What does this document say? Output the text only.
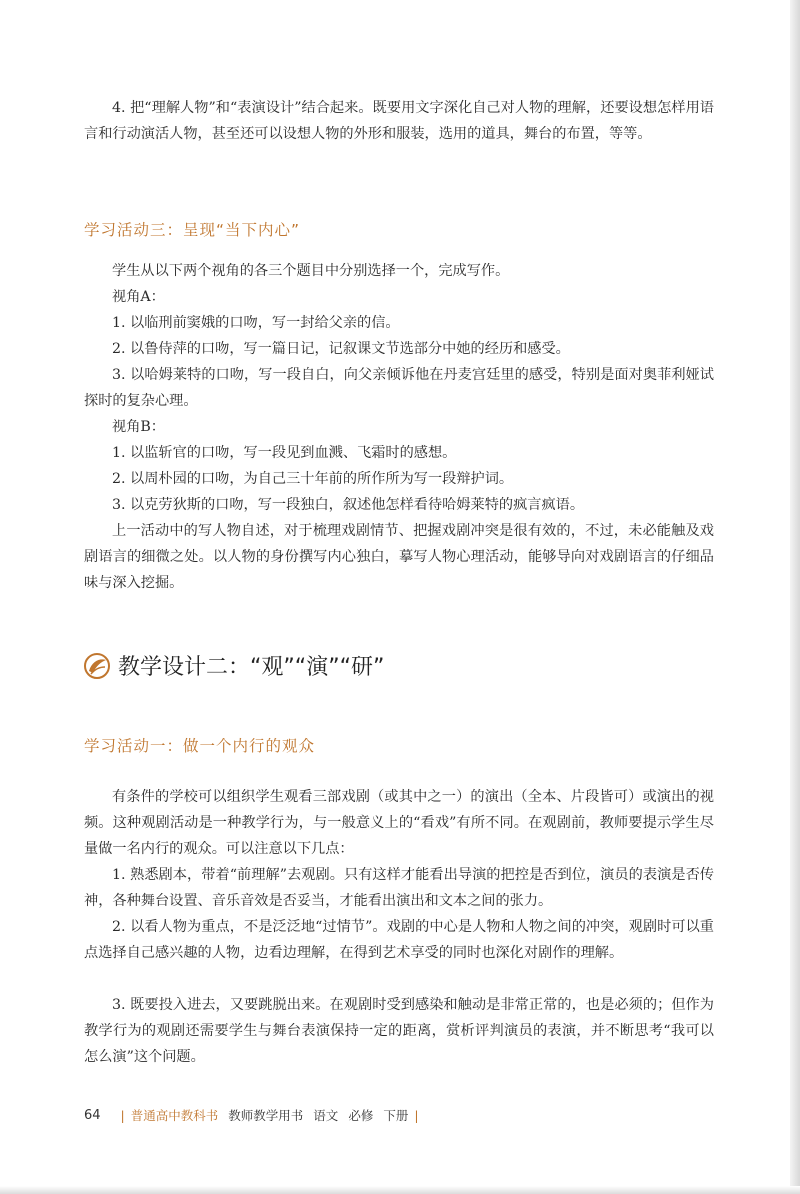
4. 把“理解人物”和“表演设计”结合起来。既要用文字深化自己对人物的理解，还要设想怎样用语言和行动演活人物，甚至还可以设想人物的外形和服装，选用的道具，舞台的布置，等等。

学习活动三：呈现“当下内心”

学生从以下两个视角的各三个题目中分别选择一个，完成写作。

视角A：

1. 以临刑前窦娥的口吻，写一封给父亲的信。

2. 以鲁侍萍的口吻，写一篇日记，记叙课文节选部分中她的经历和感受。

3. 以哈姆莱特的口吻，写一段自白，向父亲倾诉他在丹麦宫廷里的感受，特别是面对奥菲利娅试探时的复杂心理。

视角B：

1. 以监斩官的口吻，写一段见到血溅、飞霜时的感想。

2. 以周朴园的口吻，为自己三十年前的所作所为写一段辩护词。

3. 以克劳狄斯的口吻，写一段独白，叙述他怎样看待哈姆莱特的疯言疯语。

上一活动中的写人物自述，对于梳理戏剧情节、把握戏剧冲突是很有效的，不过，未必能触及戏剧语言的细微之处。以人物的身份撰写内心独白，摹写人物心理活动，能够导向对戏剧语言的仔细品味与深入挖掘。

教学设计二：“观”“演”“研”
学习活动一：做一个内行的观众

有条件的学校可以组织学生观看三部戏剧（或其中之一）的演出（全本、片段皆可）或演出的视频。这种观剧活动是一种教学行为，与一般意义上的“看戏”有所不同。在观剧前，教师要提示学生尽量做一名内行的观众。可以注意以下几点：

1. 熟悉剧本，带着“前理解”去观剧。只有这样才能看出导演的把控是否到位，演员的表演是否传神，各种舞台设置、音乐音效是否妥当，才能看出演出和文本之间的张力。

2. 以看人物为重点，不是泛泛地“过情节”。戏剧的中心是人物和人物之间的冲突，观剧时可以重点选择自己感兴趣的人物，边看边理解，在得到艺术享受的同时也深化对剧作的理解。

3. 既要投入进去，又要跳脱出来。在观剧时受到感染和触动是非常正常的，也是必须的；但作为教学行为的观剧还需要学生与舞台表演保持一定的距离，赏析评判演员的表演，并不断思考“我可以怎么演”这个问题。

64 | 普通高中教科书 教师教学用书 语文 必修 下册 |
